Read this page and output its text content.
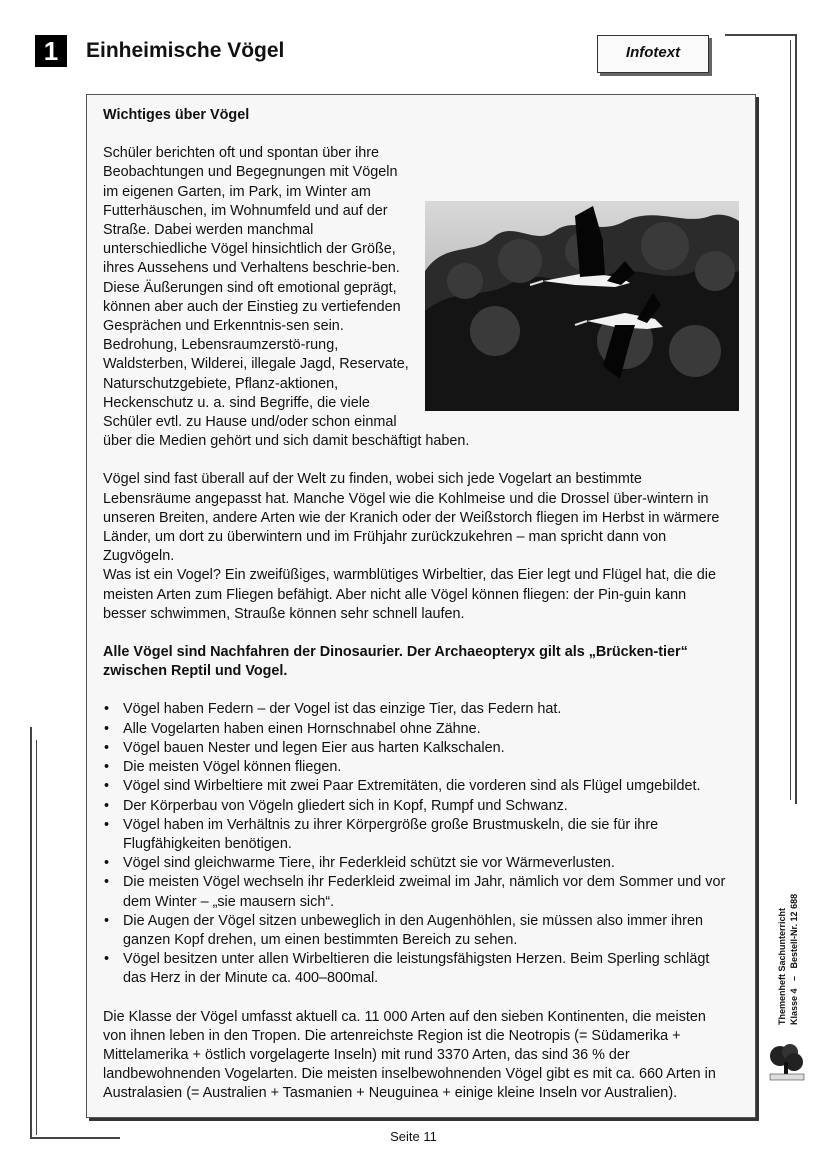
1	Einheimische Vögel	Infotext

Wichtiges über Vögel

Schüler berichten oft und spontan über ihre Beobachtungen und Begegnungen mit Vögeln im eigenen Garten, im Park, im Winter am Futterhäuschen, im Wohnumfeld und auf der Straße. Dabei werden manchmal unterschiedliche Vögel hinsichtlich der Größe, ihres Aussehens und Verhaltens beschrie-ben. Diese Äußerungen sind oft emotional geprägt, können aber auch der Einstieg zu vertiefenden Gesprächen und Erkenntnis-sen sein. Bedrohung, Lebensraumzerstö-rung, Waldsterben, Wilderei, illegale Jagd, Reservate, Naturschutzgebiete, Pflanz-aktionen, Heckenschutz u. a. sind Begriffe, die viele Schüler evtl. zu Hause und/oder schon einmal über die Medien gehört und sich damit beschäftigt haben.

Vögel sind fast überall auf der Welt zu finden, wobei sich jede Vogelart an bestimmte Lebensräume angepasst hat. Manche Vögel wie die Kohlmeise und die Drossel über-wintern in unseren Breiten, andere Arten wie der Kranich oder der Weißstorch fliegen im Herbst in wärmere Länder, um dort zu überwintern und im Frühjahr zurückzukehren – man spricht dann von Zugvögeln.

Was ist ein Vogel? Ein zweifüßiges, warmblütiges Wirbeltier, das Eier legt und Flügel hat, die die meisten Arten zum Fliegen befähigt. Aber nicht alle Vögel können fliegen: der Pin-guin kann besser schwimmen, Strauße können sehr schnell laufen.

Alle Vögel sind Nachfahren der Dinosaurier. Der Archaeopteryx gilt als „Brücken-tier“ zwischen Reptil und Vogel.

• Vögel haben Federn – der Vogel ist das einzige Tier, das Federn hat.
• Alle Vogelarten haben einen Hornschnabel ohne Zähne.
• Vögel bauen Nester und legen Eier aus harten Kalkschalen.
• Die meisten Vögel können fliegen.
• Vögel sind Wirbeltiere mit zwei Paar Extremitäten, die vorderen sind als Flügel umgebildet.
• Der Körperbau von Vögeln gliedert sich in Kopf, Rumpf und Schwanz.
• Vögel haben im Verhältnis zu ihrer Körpergröße große Brustmuskeln, die sie für ihre Flugfähigkeiten benötigen.
• Vögel sind gleichwarme Tiere, ihr Federkleid schützt sie vor Wärmeverlusten.
• Die meisten Vögel wechseln ihr Federkleid zweimal im Jahr, nämlich vor dem Sommer und vor dem Winter – „sie mausern sich“.
• Die Augen der Vögel sitzen unbeweglich in den Augenhöhlen, sie müssen also immer ihren ganzen Kopf drehen, um einen bestimmten Bereich zu sehen.
• Vögel besitzen unter allen Wirbeltieren die leistungsfähigsten Herzen. Beim Sperling schlägt das Herz in der Minute ca. 400–800mal.

Die Klasse der Vögel umfasst aktuell ca. 11 000 Arten auf den sieben Kontinenten, die meisten von ihnen leben in den Tropen. Die artenreichste Region ist die Neotropis (= Südamerika + Mittelamerika + östlich vorgelagerte Inseln) mit rund 3370 Arten, das sind 36 % der landbewohnenden Vogelarten. Die meisten inselbewohnenden Vögel gibt es mit ca. 660 Arten in Australasien (= Australien + Tasmanien + Neuguinea + einige kleine Inseln vor Australien).

Themenheft Sachunterricht Klasse 4   –   Bestell-Nr. 12 688
Seite 11
